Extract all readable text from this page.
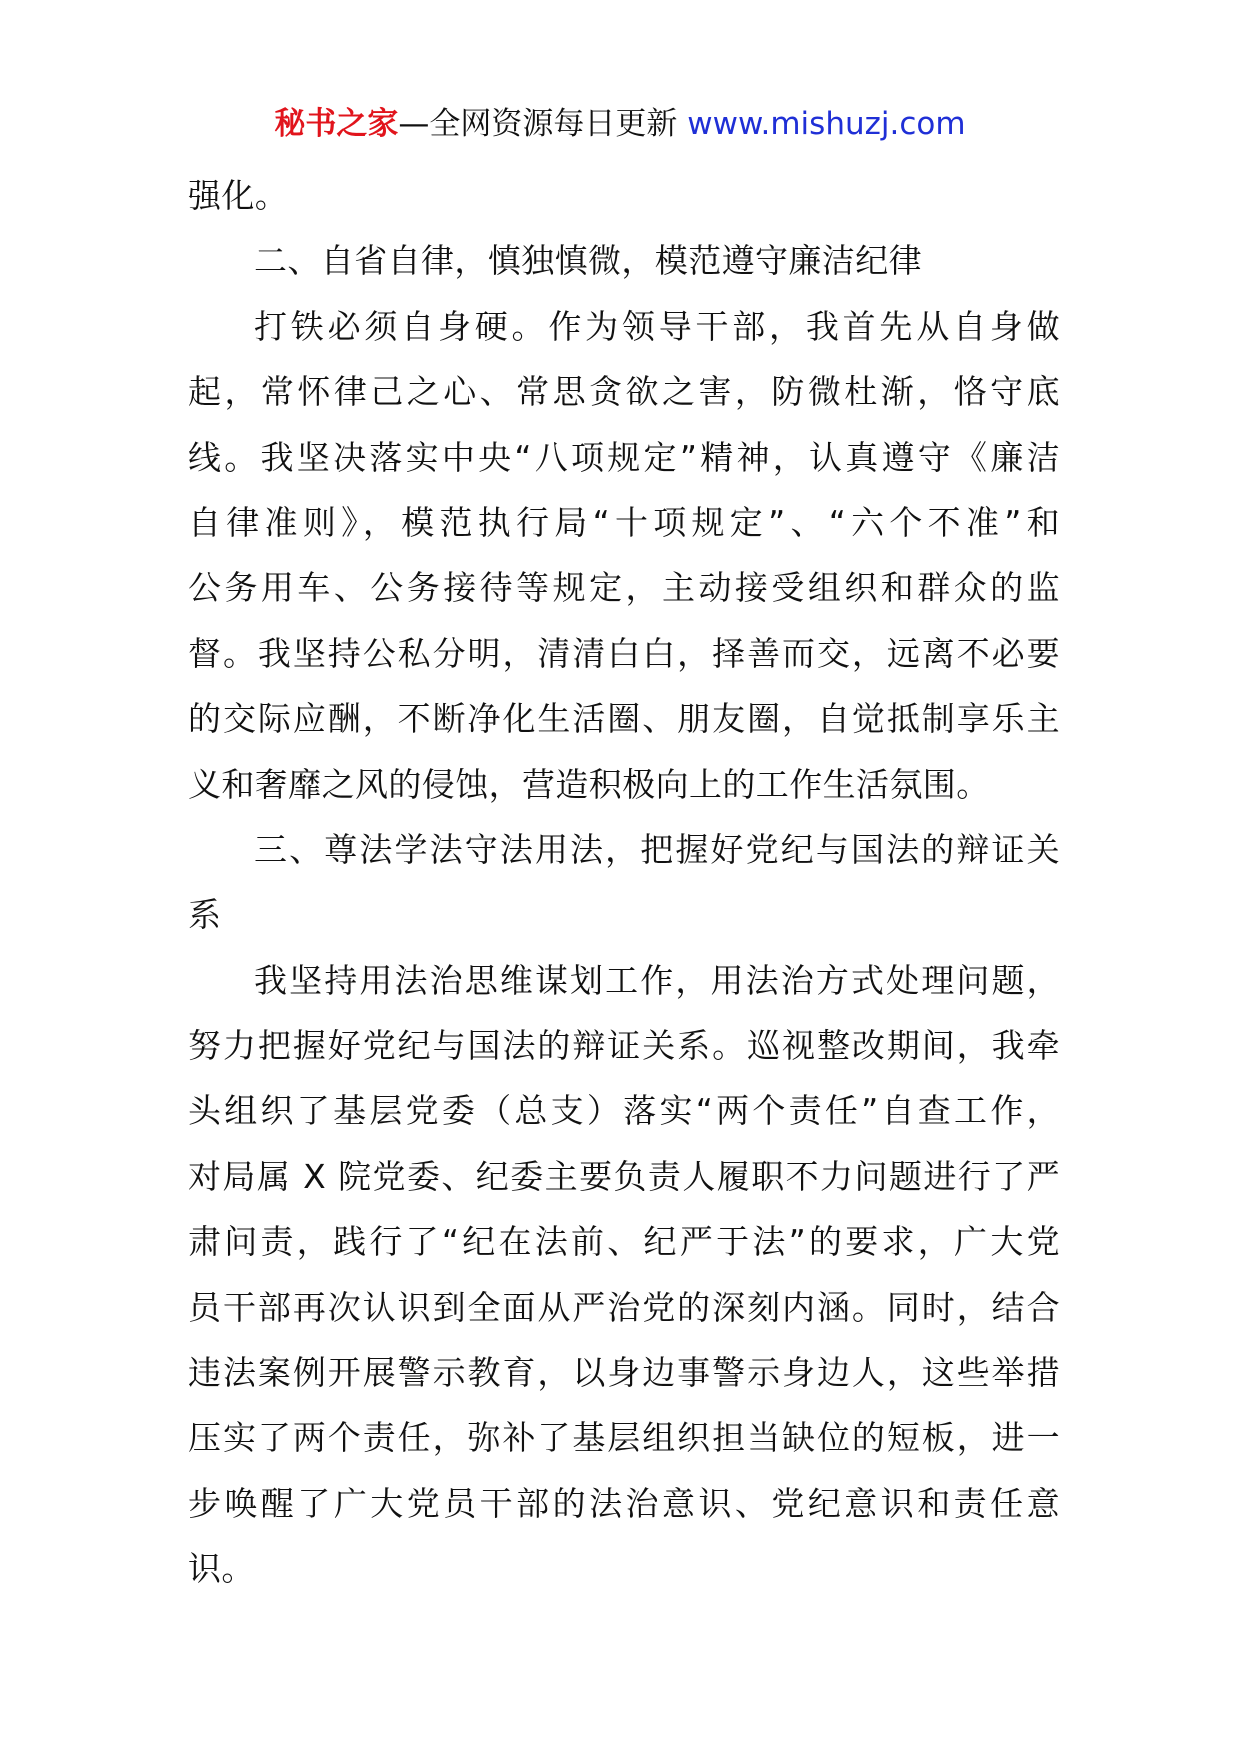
秘书之家—全网资源每日更新 www.mishuzj.com
强化。
二、自省自律，慎独慎微，模范遵守廉洁纪律
打铁必须自身硬。作为领导干部，我首先从自身做
起，常怀律己之心、常思贪欲之害，防微杜渐，恪守底
线。我坚决落实中央“八项规定”精神，认真遵守《廉洁
自律准则》，模范执行局“十项规定”、“六个不准”和
公务用车、公务接待等规定，主动接受组织和群众的监
督。我坚持公私分明，清清白白，择善而交，远离不必要
的交际应酬，不断净化生活圈、朋友圈，自觉抵制享乐主
义和奢靡之风的侵蚀，营造积极向上的工作生活氛围。
三、尊法学法守法用法，把握好党纪与国法的辩证关
系
我坚持用法治思维谋划工作，用法治方式处理问题，
努力把握好党纪与国法的辩证关系。巡视整改期间，我牵
头组织了基层党委（总支）落实“两个责任”自查工作，
对局属 X 院党委、纪委主要负责人履职不力问题进行了严
肃问责，践行了“纪在法前、纪严于法”的要求，广大党
员干部再次认识到全面从严治党的深刻内涵。同时，结合
违法案例开展警示教育，以身边事警示身边人，这些举措
压实了两个责任，弥补了基层组织担当缺位的短板，进一
步唤醒了广大党员干部的法治意识、党纪意识和责任意
识。
